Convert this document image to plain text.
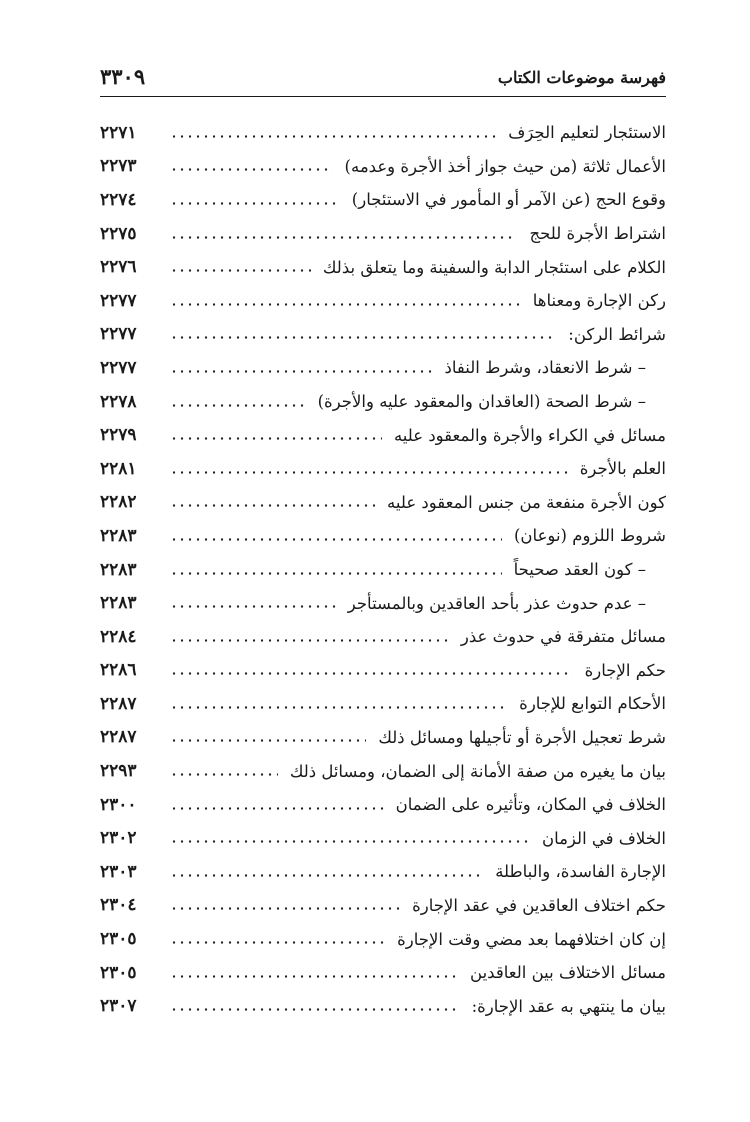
فهرسة موضوعات الكتاب
٣٣٠٩
الاستئجار لتعليم الحِرَف
٢٢٧١
الأعمال ثلاثة (من حيث جواز أخذ الأجرة وعدمه)
٢٢٧٣
وقوع الحج (عن الآمر أو المأمور في الاستئجار)
٢٢٧٤
اشتراط الأجرة للحج
٢٢٧٥
الكلام على استئجار الدابة والسفينة وما يتعلق بذلك
٢٢٧٦
ركن الإجارة ومعناها
٢٢٧٧
شرائط الركن:
٢٢٧٧
– شرط الانعقاد، وشرط النفاذ
٢٢٧٧
– شرط الصحة (العاقدان والمعقود عليه والأجرة)
٢٢٧٨
مسائل في الكراء والأجرة والمعقود عليه
٢٢٧٩
العلم بالأجرة
٢٢٨١
كون الأجرة منفعة من جنس المعقود عليه
٢٢٨٢
شروط اللزوم (نوعان)
٢٢٨٣
– كون العقد صحيحاً
٢٢٨٣
– عدم حدوث عذر بأحد العاقدين وبالمستأجر
٢٢٨٣
مسائل متفرقة في حدوث عذر
٢٢٨٤
حكم الإجارة
٢٢٨٦
الأحكام التوابع للإجارة
٢٢٨٧
شرط تعجيل الأجرة أو تأجيلها ومسائل ذلك
٢٢٨٧
بيان ما يغيره من صفة الأمانة إلى الضمان، ومسائل ذلك
٢٢٩٣
الخلاف في المكان، وتأثيره على الضمان
٢٣٠٠
الخلاف في الزمان
٢٣٠٢
الإجارة الفاسدة، والباطلة
٢٣٠٣
حكم اختلاف العاقدين في عقد الإجارة
٢٣٠٤
إن كان اختلافهما بعد مضي وقت الإجارة
٢٣٠٥
مسائل الاختلاف بين العاقدين
٢٣٠٥
بيان ما ينتهي به عقد الإجارة:
٢٣٠٧
